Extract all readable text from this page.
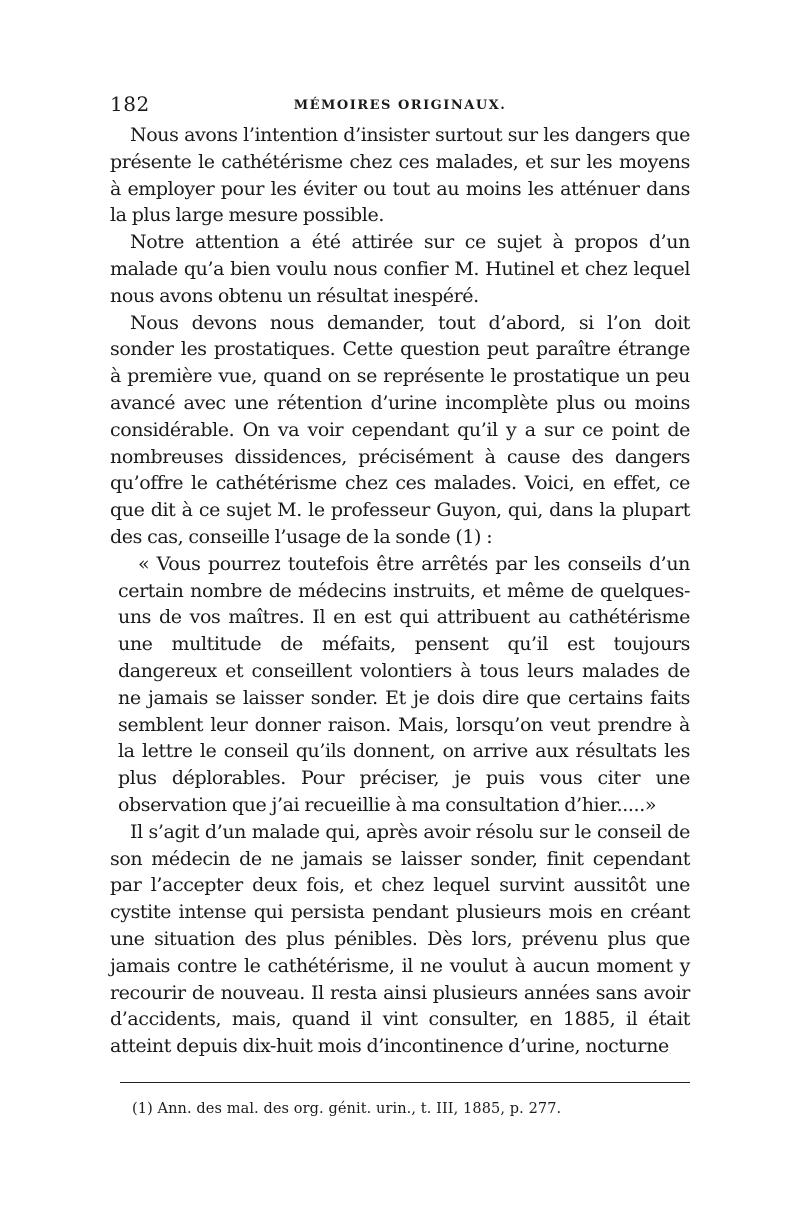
182	MÉMOIRES ORIGINAUX.

Nous avons l’intention d’insister surtout sur les dangers que présente le cathétérisme chez ces malades, et sur les moyens à employer pour les éviter ou tout au moins les atténuer dans la plus large mesure possible.

Notre attention a été attirée sur ce sujet à propos d’un malade qu’a bien voulu nous confier M. Hutinel et chez lequel nous avons obtenu un résultat inespéré.

Nous devons nous demander, tout d’abord, si l’on doit sonder les prostatiques. Cette question peut paraître étrange à première vue, quand on se représente le prostatique un peu avancé avec une rétention d’urine incomplète plus ou moins considérable. On va voir cependant qu’il y a sur ce point de nombreuses dissidences, précisément à cause des dangers qu’offre le cathétérisme chez ces malades. Voici, en effet, ce que dit à ce sujet M. le professeur Guyon, qui, dans la plupart des cas, conseille l’usage de la sonde (1) :

« Vous pourrez toutefois être arrêtés par les conseils d’un certain nombre de médecins instruits, et même de quelques-uns de vos maîtres. Il en est qui attribuent au cathétérisme une multitude de méfaits, pensent qu’il est toujours dangereux et conseillent volontiers à tous leurs malades de ne jamais se laisser sonder. Et je dois dire que certains faits semblent leur donner raison. Mais, lorsqu’on veut prendre à la lettre le conseil qu’ils donnent, on arrive aux résultats les plus déplorables. Pour préciser, je puis vous citer une observation que j’ai recueillie à ma consultation d’hier.....»

Il s’agit d’un malade qui, après avoir résolu sur le conseil de son médecin de ne jamais se laisser sonder, finit cependant par l’accepter deux fois, et chez lequel survint aussitôt une cystite intense qui persista pendant plusieurs mois en créant une situation des plus pénibles. Dès lors, prévenu plus que jamais contre le cathétérisme, il ne voulut à aucun moment y recourir de nouveau. Il resta ainsi plusieurs années sans avoir d’accidents, mais, quand il vint consulter, en 1885, il était atteint depuis dix-huit mois d’incontinence d’urine, nocturne

(1) Ann. des mal. des org. génit. urin., t. III, 1885, p. 277.
